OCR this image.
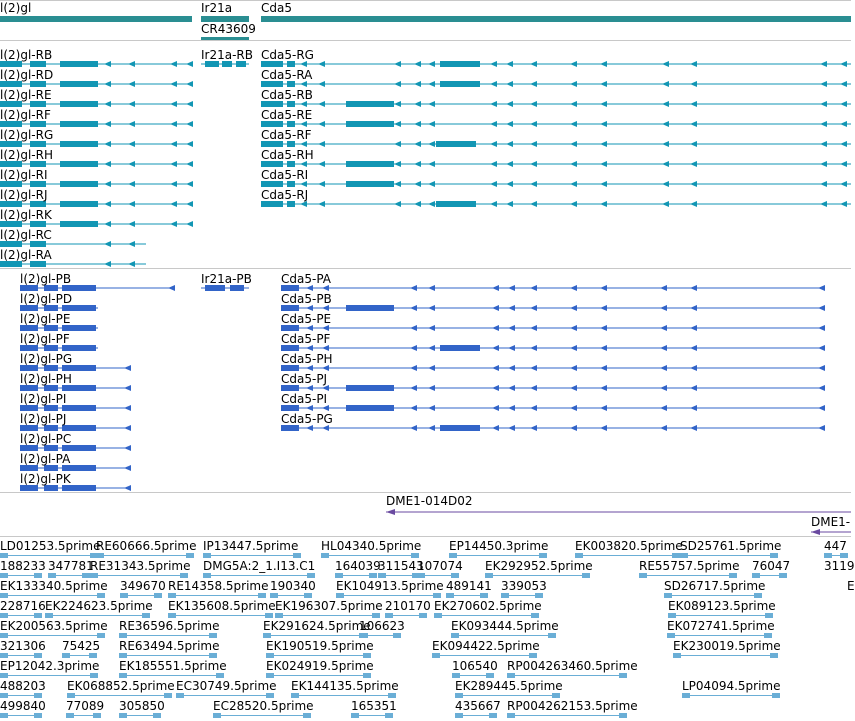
l(2)gl	Ir21a Cda5
CR43609
l(2)gl-RB
l(2)gl-RD
l(2)gl-RE
l(2)gl-RF
l(2)gl-RG
l(2)gl-RH
l(2)gl-RI
l(2)gl-RJ
l(2)gl-RK
l(2)gl-RC
l(2)gl-RA
Ir21a-RB Cda5-RG
Cda5-RA
Cda5-RB
Cda5-RE
Cda5-RF
Cda5-RH
Cda5-RI
Cda5-RJ
l(2)gl-PB
l(2)gl-PD
l(2)gl-PE
l(2)gl-PF
l(2)gl-PG
l(2)gl-PH
l(2)gl-PI
l(2)gl-PJ
l(2)gl-PC
l(2)gl-PA
l(2)gl-PK
Ir21a-PB Cda5-PA
Cda5-PB
Cda5-PE
Cda5-PF
Cda5-PH
Cda5-PJ
Cda5-PI
Cda5-PG
DME1-014D02
DME1-
LD01253.5prime
RE60666.5prime IP13447.5prime HL04340.5prime EP14450.3prime EK003820.5prime
SD25761.5prime	447
188233 347781
RE31343.5prime DMG5A:2_1.I13.C1 164039
311543
107074 EK292952.5prime	RE55757.5prime 76047	3119
EK133340.5prime 349670 RE14358.5prime 190340 EK104913.5prime 489141 339053	SD26717.5prime	E
228716 EK224623.5prime EK135608.5prime EK196307.5prime 210170 EK270602.5prime	EK089123.5prime
EK200563.5prime RE36596.5prime	EK291624.5prime
106623	EK093444.5prime	EK072741.5prime
321306 75425 RE63494.5prime	EK190519.5prime	EK094422.5prime	EK230019.5prime
EP12042.3prime EK185551.5prime	EK024919.5prime	106540 RP004263460.5prime
488203 EK068852.5prime EC30749.5prime EK144135.5prime	EK289445.5prime	LP04094.5prime
499840 77089 305850	EC28520.5prime	165351	435667 RP004262153.5prime
